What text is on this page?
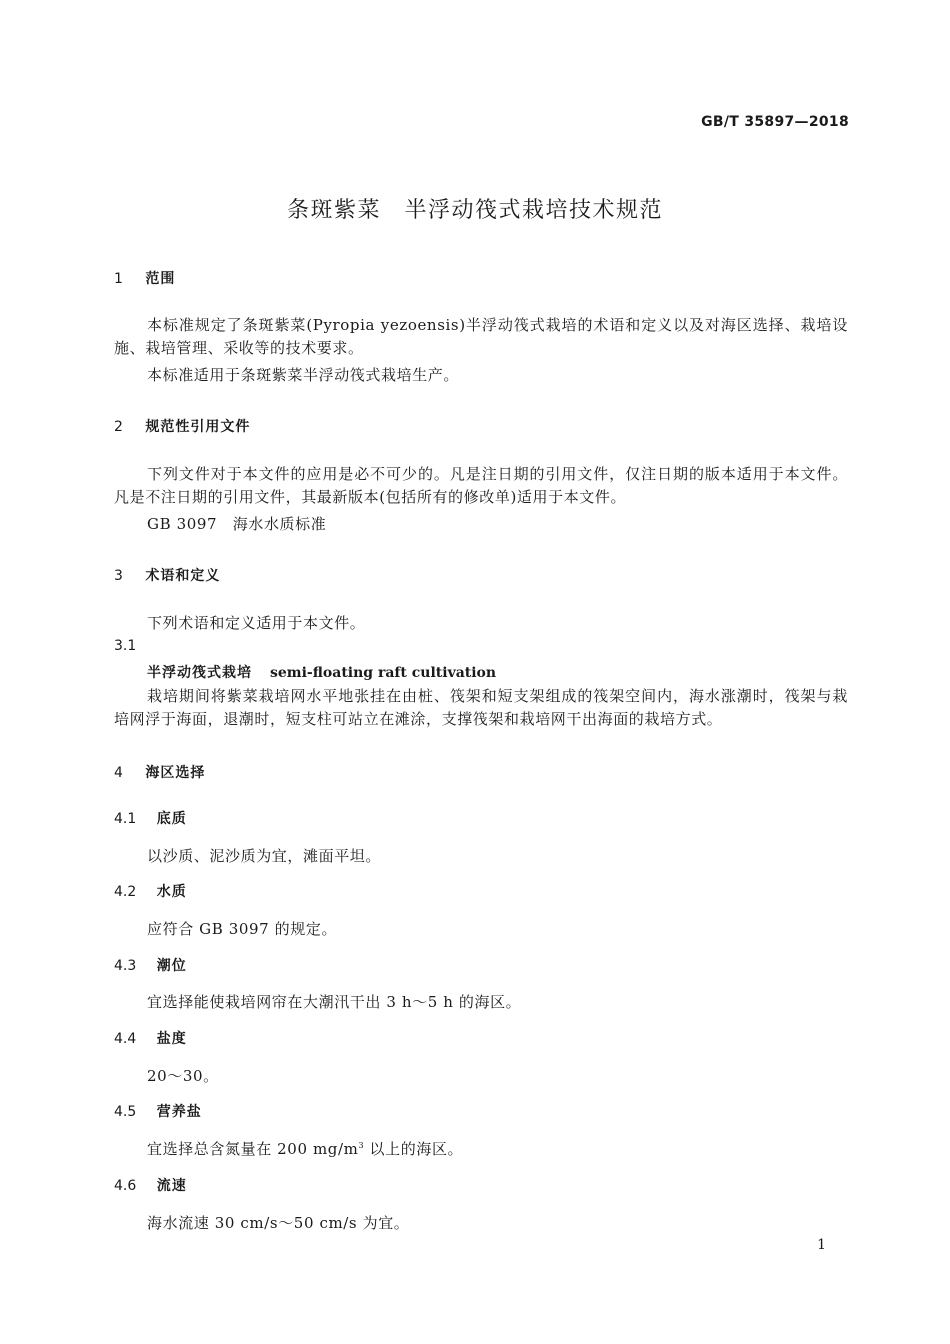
GB/T 35897—2018
条斑紫菜　半浮动筏式栽培技术规范
1 范围
本标准规定了条斑紫菜(Pyropia yezoensis)半浮动筏式栽培的术语和定义以及对海区选择、栽培设施、栽培管理、采收等的技术要求。
本标准适用于条斑紫菜半浮动筏式栽培生产。
2 规范性引用文件
下列文件对于本文件的应用是必不可少的。凡是注日期的引用文件，仅注日期的版本适用于本文件。凡是不注日期的引用文件，其最新版本(包括所有的修改单)适用于本文件。
GB 3097　海水水质标准
3 术语和定义
下列术语和定义适用于本文件。
3.1
半浮动筏式栽培 semi-floating raft cultivation
栽培期间将紫菜栽培网水平地张挂在由桩、筏架和短支架组成的筏架空间内，海水涨潮时，筏架与栽培网浮于海面，退潮时，短支柱可站立在滩涂，支撑筏架和栽培网干出海面的栽培方式。
4 海区选择
4.1 底质
以沙质、泥沙质为宜，滩面平坦。
4.2 水质
应符合 GB 3097 的规定。
4.3 潮位
宜选择能使栽培网帘在大潮汛干出 3 h～5 h 的海区。
4.4 盐度
20～30。
4.5 营养盐
宜选择总含氮量在 200 $mg/m^3$ 以上的海区。
4.6 流速
海水流速 30 cm/s～50 cm/s 为宜。
1
